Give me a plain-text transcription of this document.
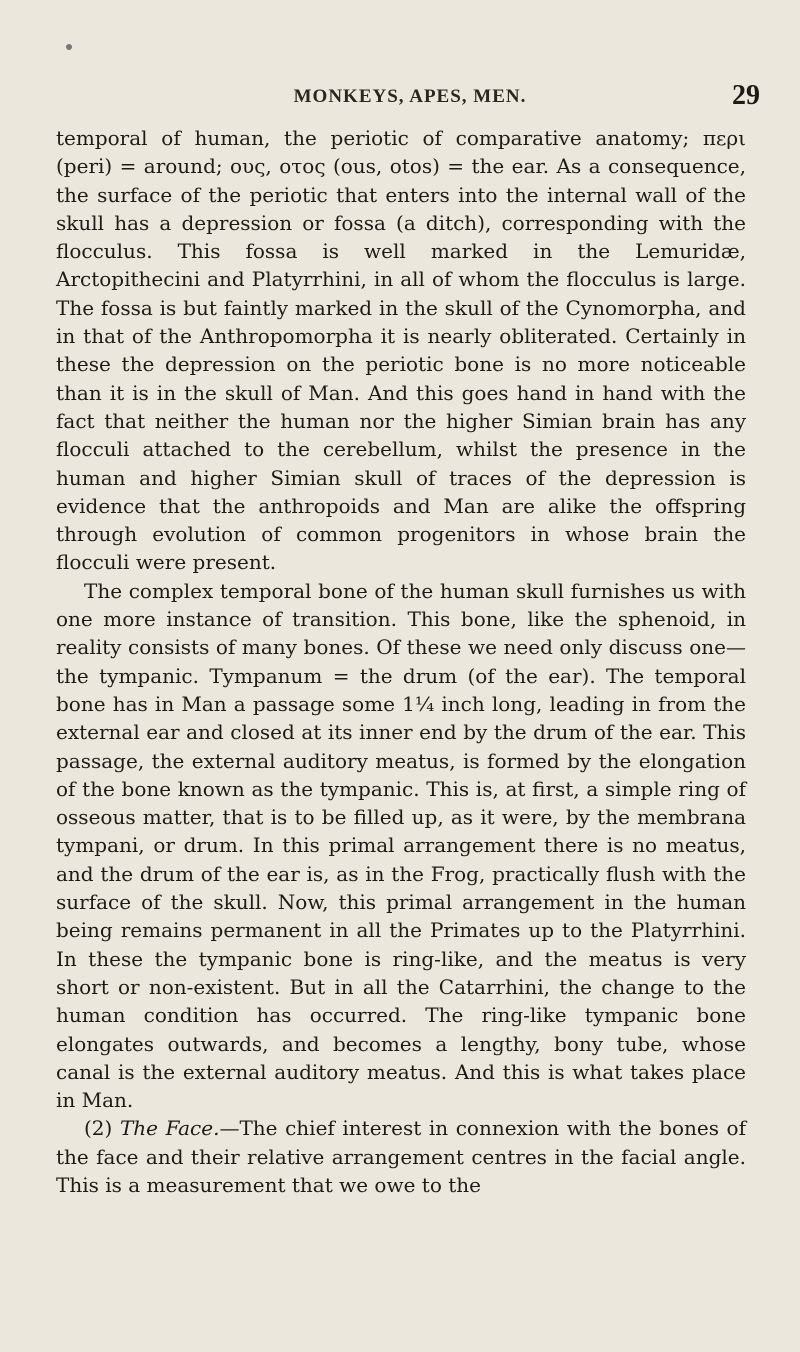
MONKEYS, APES, MEN.	29

temporal of human, the periotic of comparative anatomy; περι (peri) = around; ους, οτος (ous, otos) = the ear. As a consequence, the surface of the periotic that enters into the internal wall of the skull has a depression or fossa (a ditch), corresponding with the flocculus. This fossa is well marked in the Lemuridæ, Arctopithecini and Platyrrhini, in all of whom the flocculus is large. The fossa is but faintly marked in the skull of the Cynomorpha, and in that of the Anthropomorpha it is nearly obliterated. Certainly in these the depression on the periotic bone is no more noticeable than it is in the skull of Man. And this goes hand in hand with the fact that neither the human nor the higher Simian brain has any flocculi attached to the cerebellum, whilst the presence in the human and higher Simian skull of traces of the depression is evidence that the anthropoids and Man are alike the offspring through evolution of common progenitors in whose brain the flocculi were present.

The complex temporal bone of the human skull furnishes us with one more instance of transition. This bone, like the sphenoid, in reality consists of many bones. Of these we need only discuss one—the tympanic. Tympanum = the drum (of the ear). The temporal bone has in Man a passage some 1¼ inch long, leading in from the external ear and closed at its inner end by the drum of the ear. This passage, the external auditory meatus, is formed by the elongation of the bone known as the tympanic. This is, at first, a simple ring of osseous matter, that is to be filled up, as it were, by the membrana tympani, or drum. In this primal arrangement there is no meatus, and the drum of the ear is, as in the Frog, practically flush with the surface of the skull. Now, this primal arrangement in the human being remains permanent in all the Primates up to the Platyrrhini. In these the tympanic bone is ring-like, and the meatus is very short or non-existent. But in all the Catarrhini, the change to the human condition has occurred. The ring-like tympanic bone elongates outwards, and becomes a lengthy, bony tube, whose canal is the external auditory meatus. And this is what takes place in Man.

(2) The Face.—The chief interest in connexion with the bones of the face and their relative arrangement centres in the facial angle. This is a measurement that we owe to the
